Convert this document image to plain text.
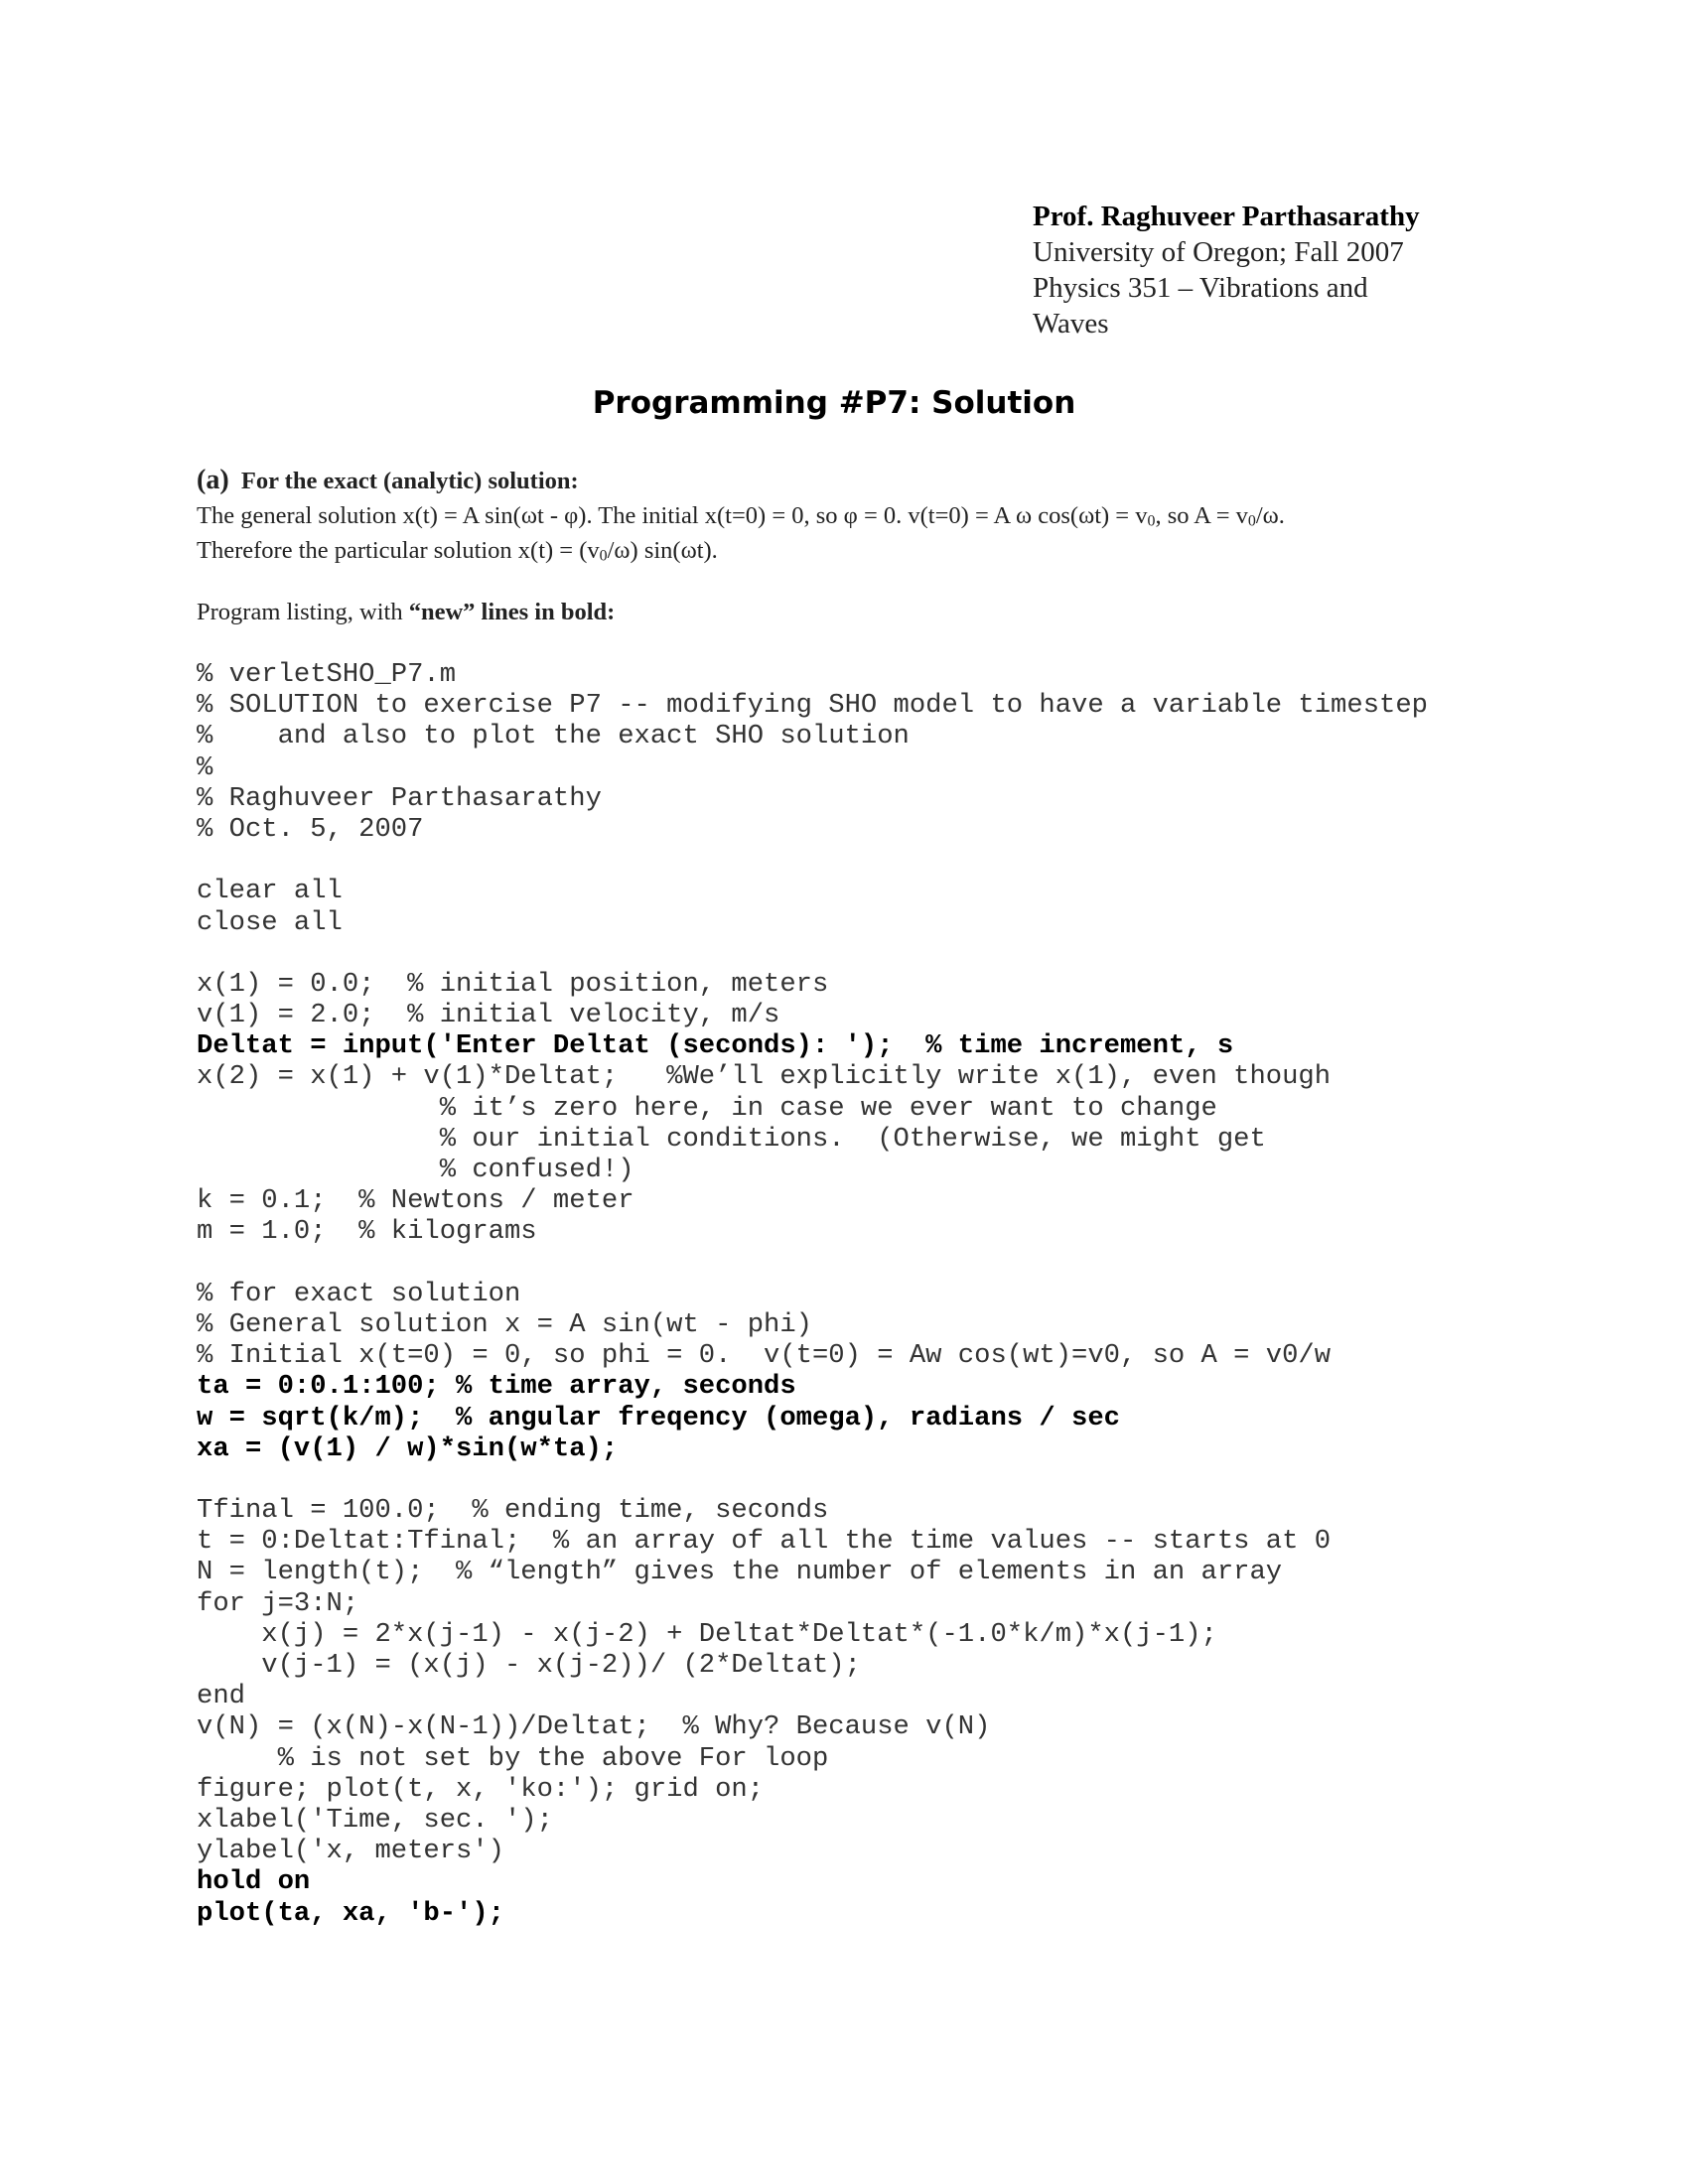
Prof. Raghuveer Parthasarathy
University of Oregon; Fall 2007
Physics 351 – Vibrations and
Waves
Programming #P7: Solution
(a) For the exact (analytic) solution:
The general solution x(t) = A sin(ωt - φ). The initial x(t=0) = 0, so φ = 0. v(t=0) = A ω $\cos(\omega t) = v_0$, so $A = v_0/\omega$.
Therefore the particular solution $x(t) = (v_0/\omega)$ sin(ωt).
Program listing, with “new” lines in bold:
% verletSHO_P7.m
% SOLUTION to exercise P7 -- modifying SHO model to have a variable timestep
%    and also to plot the exact SHO solution
%
% Raghuveer Parthasarathy
% Oct. 5, 2007
clear all
close all
x(1) = 0.0;  % initial position, meters
v(1) = 2.0;  % initial velocity, m/s
Deltat = input('Enter Deltat (seconds): ');  % time increment, s
x(2) = x(1) + v(1)*Deltat;   %We’ll explicitly write x(1), even though
% it’s zero here, in case we ever want to change
% our initial conditions.  (Otherwise, we might get
% confused!)
k = 0.1;  % Newtons / meter
m = 1.0;  % kilograms
% for exact solution
% General solution x = A sin(wt - phi)
% Initial x(t=0) = 0, so phi = 0.  v(t=0) = Aw cos(wt)=v0, so A = v0/w
ta = 0:0.1:100; % time array, seconds
w = sqrt(k/m);  % angular freqency (omega), radians / sec
xa = (v(1) / w)*sin(w*ta);
Tfinal = 100.0;  % ending time, seconds
t = 0:Deltat:Tfinal;  % an array of all the time values -- starts at 0
N = length(t);  % “length” gives the number of elements in an array
for j=3:N;
x(j) = 2*x(j-1) - x(j-2) + Deltat*Deltat*(-1.0*k/m)*x(j-1);
v(j-1) = (x(j) - x(j-2))/ (2*Deltat);
end
v(N) = (x(N)-x(N-1))/Deltat;  % Why? Because v(N)
% is not set by the above For loop
figure; plot(t, x, 'ko:'); grid on;
xlabel('Time, sec. ');
ylabel('x, meters')
hold on
plot(ta, xa, 'b-');
